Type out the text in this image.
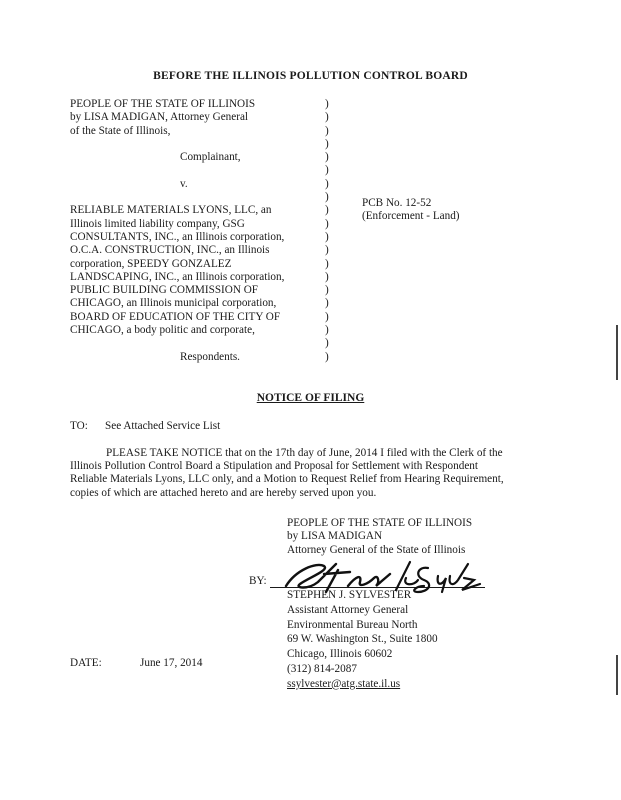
BEFORE THE ILLINOIS POLLUTION CONTROL BOARD
PEOPLE OF THE STATE OF ILLINOIS
by LISA MADIGAN, Attorney General
of the State of Illinois,
Complainant,
v.
RELIABLE MATERIALS LYONS, LLC, an
Illinois limited liability company, GSG
CONSULTANTS, INC., an Illinois corporation,
O.C.A. CONSTRUCTION, INC., an Illinois
corporation, SPEEDY GONZALEZ
LANDSCAPING, INC., an Illinois corporation,
PUBLIC BUILDING COMMISSION OF
CHICAGO, an Illinois municipal corporation,
BOARD OF EDUCATION OF THE CITY OF
CHICAGO, a body politic and corporate,
Respondents.
)
)
)
)
)
)
)
)
)
)
)
)
)
)
)
)
)
)
)
)
PCB No. 12-52
(Enforcement - Land)
NOTICE OF FILING
TO: See Attached Service List
PLEASE TAKE NOTICE that on the 17th day of June, 2014 I filed with the Clerk of the
Illinois Pollution Control Board a Stipulation and Proposal for Settlement with Respondent
Reliable Materials Lyons, LLC only, and a Motion to Request Relief from Hearing Requirement,
copies of which are attached hereto and are hereby served upon you.
PEOPLE OF THE STATE OF ILLINOIS
by LISA MADIGAN
Attorney General of the State of Illinois
BY:
STEPHEN J. SYLVESTER
Assistant Attorney General
Environmental Bureau North
69 W. Washington St., Suite 1800
Chicago, Illinois 60602
(312) 814-2087
ssylvester@atg.state.il.us
DATE:	June 17, 2014
